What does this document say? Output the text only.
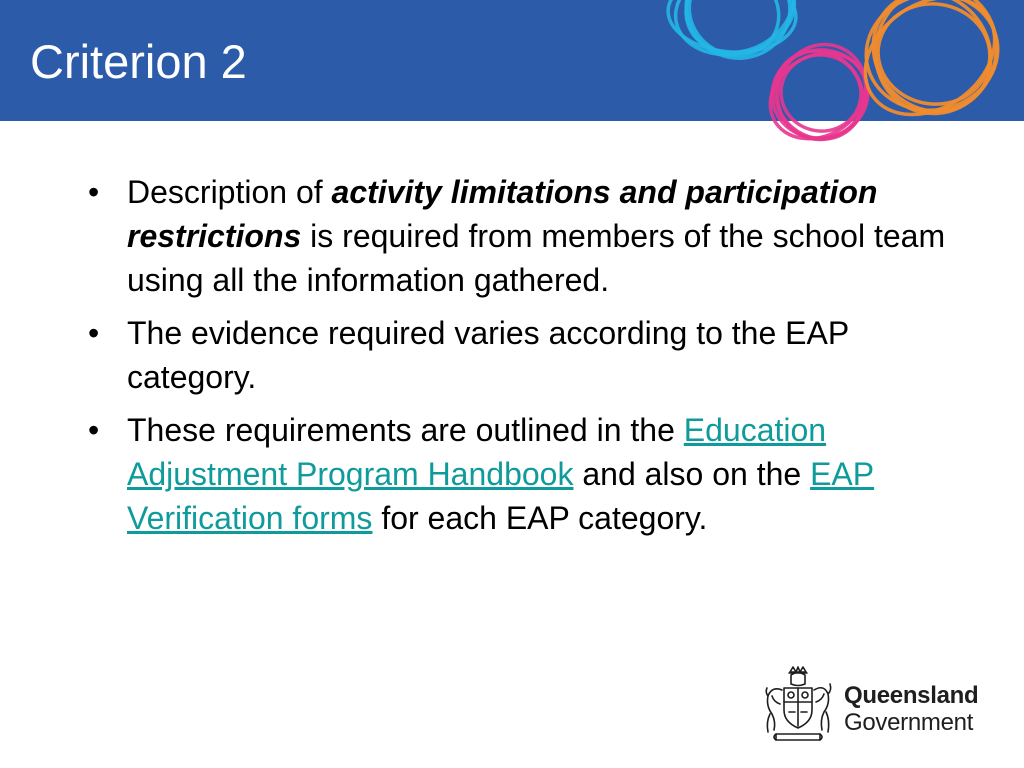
Criterion 2
• Description of activity limitations and participation restrictions is required from members of the school team using all the information gathered.
• The evidence required varies according to the EAP category.
• These requirements are outlined in the Education Adjustment Program Handbook and also on the EAP Verification forms for each EAP category.
Queensland
Government
